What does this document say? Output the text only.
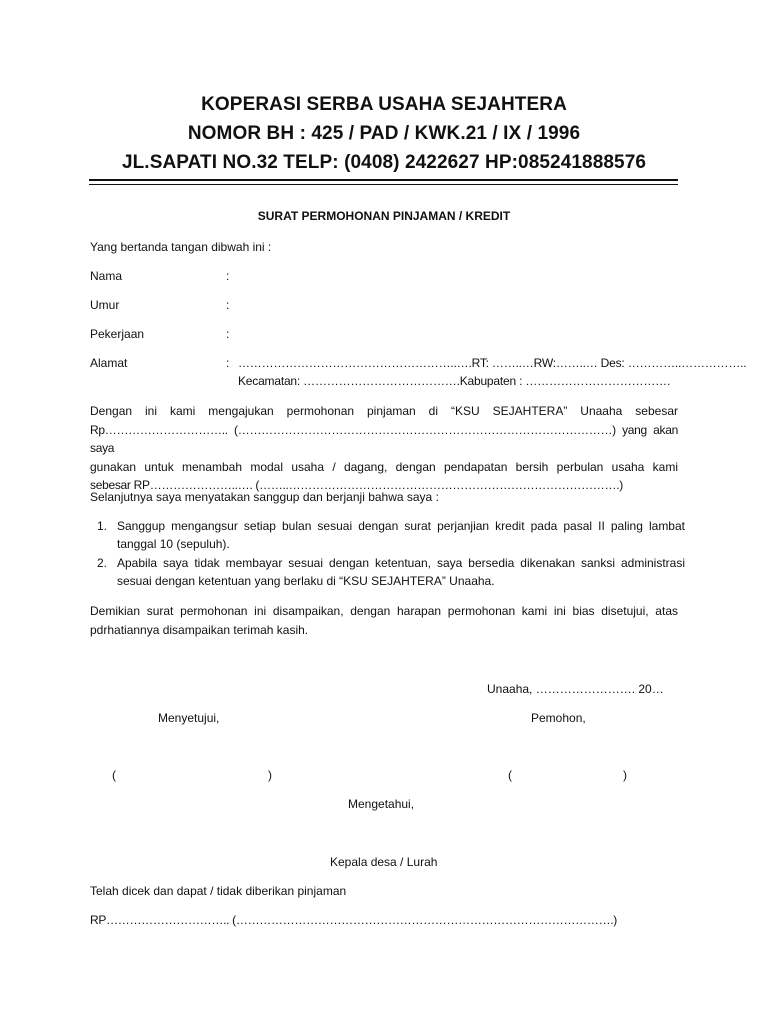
KOPERASI SERBA USAHA SEJAHTERA
NOMOR BH : 425 / PAD / KWK.21 / IX / 1996
JL.SAPATI NO.32 TELP: (0408) 2422627 HP:085241888576
SURAT PERMOHONAN PINJAMAN / KREDIT
Yang bertanda tangan dibwah ini :
Nama	:
Umur	:
Pekerjaan	:
Alamat	: ………………………………………………..….RT: ……..…RW:……..… Des: …………..……………..
Kecamatan: ………………………………….Kabupaten : ……………………………….
Dengan ini kami mengajukan permohonan pinjaman di “KSU SEJAHTERA” Unaaha sebesar
Rp………………………….. (……………………………………………………………………………………) yang akan saya
gunakan untuk menambah modal usaha / dagang, dengan pendapatan bersih perbulan usaha kami
sebesar RP…………………..…. (……..………………………………………………………………………….)
Selanjutnya saya menyatakan sanggup dan berjanji bahwa saya :
1. Sanggup mengangsur setiap bulan sesuai dengan surat perjanjian kredit pada pasal II paling lambat tanggal 10 (sepuluh).
2. Apabila saya tidak membayar sesuai dengan ketentuan, saya bersedia dikenakan sanksi administrasi sesuai dengan ketentuan yang berlaku di “KSU SEJAHTERA” Unaaha.
Demikian surat permohonan ini disampaikan, dengan harapan permohonan kami ini bias disetujui, atas
pdrhatiannya disampaikan terimah kasih.
Unaaha, ……………………. 20…
Menyetujui,	Pemohon,
(	)	(	)
Mengetahui,
Kepala desa / Lurah
Telah dicek dan dapat / tidak diberikan pinjaman
RP………………………….. (…………………………………………………………………………………….)
